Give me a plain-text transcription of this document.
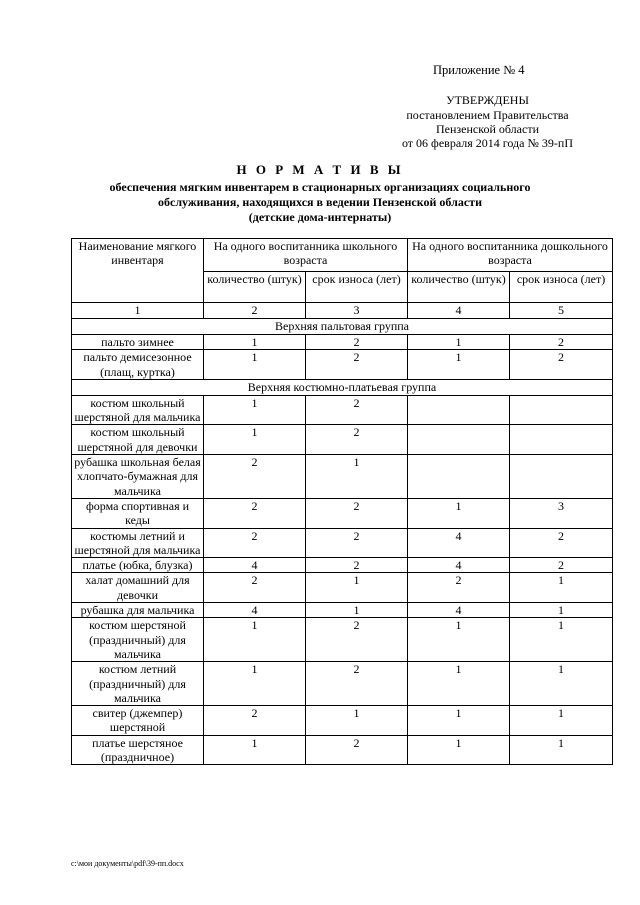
Приложение № 4
УТВЕРЖДЕНЫ
постановлением Правительства
Пензенской области
от 06 февраля 2014 года № 39-пП
Н О Р М А Т И В Ы
обеспечения мягким инвентарем в стационарных организациях социального
обслуживания, находящихся в ведении Пензенской области
(детские дома-интернаты)
Наименование мягкого инвентаря	На одного воспитанника школьного возраста		На одного воспитанника дошкольного возраста	
	количество (штук)	срок износа (лет)	количество (штук)	срок износа (лет)
1	2	3	4	5
Верхняя пальтовая группа				
пальто зимнее	1	2	1	2
пальто демисезонное (плащ, куртка)	1	2	1	2
Верхняя костюмно-платьевая группа				
костюм школьный шерстяной для мальчика	1	2		
костюм школьный шерстяной для девочки	1	2		
рубашка школьная белая хлопчато-бумажная для мальчика	2	1		
форма спортивная и кеды	2	2	1	3
костюмы летний и шерстяной для мальчика	2	2	4	2
платье (юбка, блузка)	4	2	4	2
халат домашний для девочки	2	1	2	1
рубашка для мальчика	4	1	4	1
костюм шерстяной (праздничный) для мальчика	1	2	1	1
костюм летний (праздничный) для мальчика	1	2	1	1
свитер (джемпер) шерстяной	2	1	1	1
платье шерстяное (праздничное)	1	2	1	1
c:\мои документы\pdf\39-пп.docx
